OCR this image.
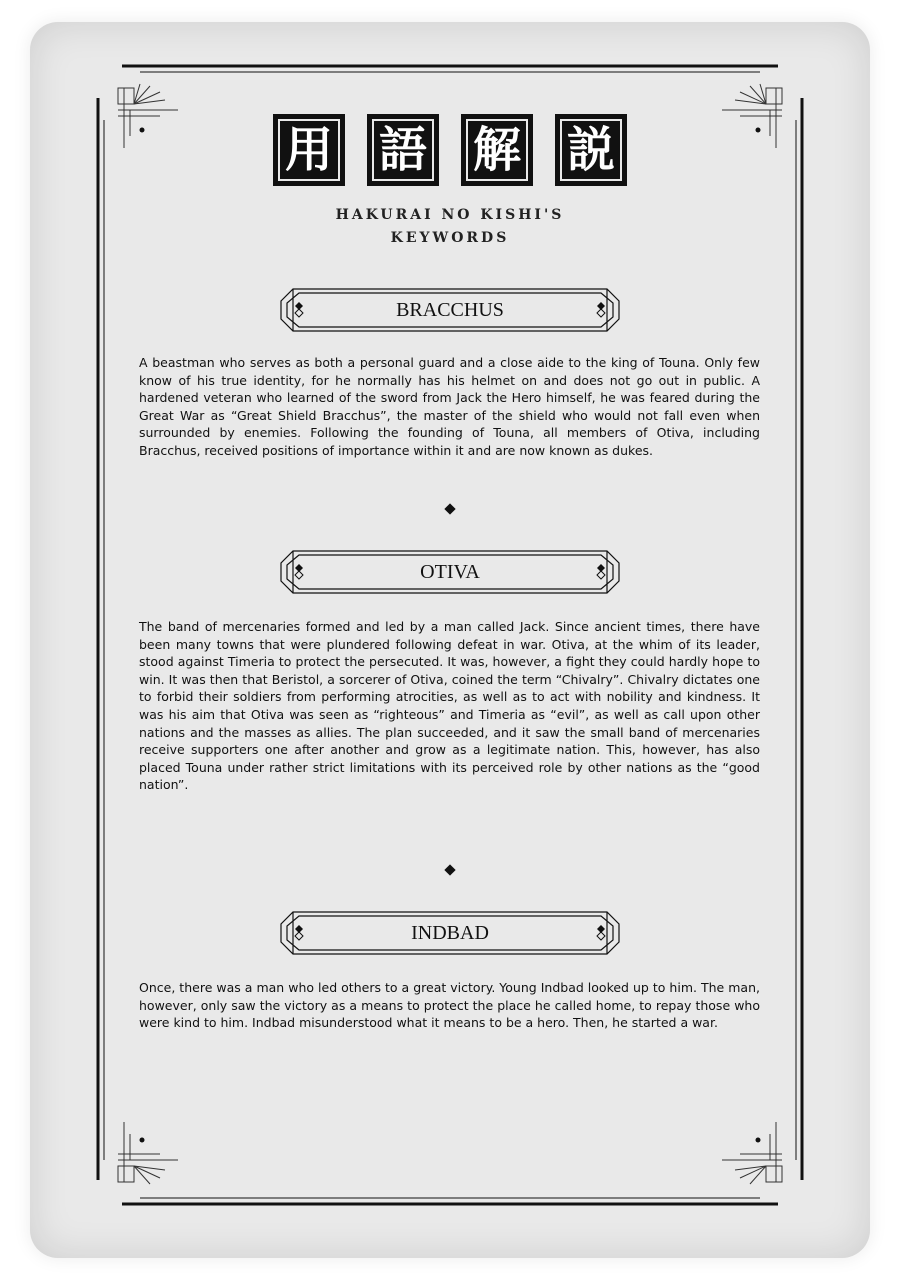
用 語 解 説
HAKURAI NO KISHI'S
KEYWORDS
BRACCHUS

A beastman who serves as both a personal guard and a close aide to the king of Touna. Only few know of his true identity, for he normally has his helmet on and does not go out in public. A hardened veteran who learned of the sword from Jack the Hero himself, he was feared during the Great War as “Great Shield Bracchus”, the master of the shield who would not fall even when surrounded by enemies. Following the founding of Touna, all members of Otiva, including Bracchus, received positions of importance within it and are now known as dukes.

OTIVA

The band of mercenaries formed and led by a man called Jack. Since ancient times, there have been many towns that were plundered following defeat in war. Otiva, at the whim of its leader, stood against Timeria to protect the persecuted. It was, however, a fight they could hardly hope to win. It was then that Beristol, a sorcerer of Otiva, coined the term “Chivalry”. Chivalry dictates one to forbid their soldiers from performing atrocities, as well as to act with nobility and kindness. It was his aim that Otiva was seen as “righteous” and Timeria as “evil”, as well as call upon other nations and the masses as allies. The plan succeeded, and it saw the small band of mercenaries receive supporters one after another and grow as a legitimate nation. This, however, has also placed Touna under rather strict limitations with its perceived role by other nations as the “good nation”.

INDBAD

Once, there was a man who led others to a great victory. Young Indbad looked up to him. The man, however, only saw the victory as a means to protect the place he called home, to repay those who were kind to him. Indbad misunderstood what it means to be a hero. Then, he started a war.
